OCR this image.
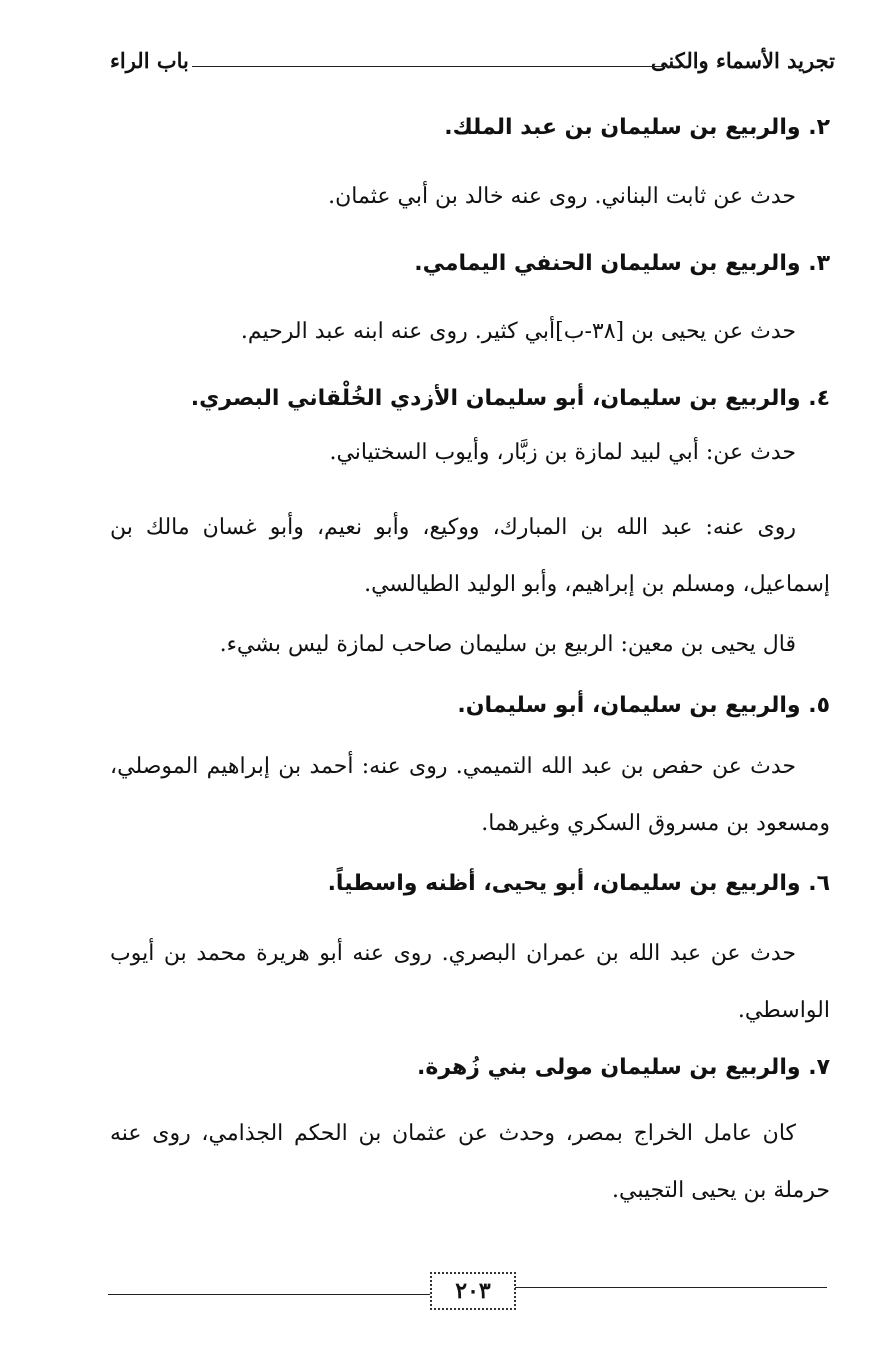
تجريد الأسماء والكنى
باب الراء
٢. والربيع بن سليمان بن عبد الملك.
حدث عن ثابت البناني. روى عنه خالد بن أبي عثمان.
٣. والربيع بن سليمان الحنفي اليمامي.
حدث عن يحيى بن [٣٨-ب]أبي كثير. روى عنه ابنه عبد الرحيم.
٤. والربيع بن سليمان، أبو سليمان الأزدي الخُلْقاني البصري.
حدث عن: أبي لبيد لمازة بن زبَّار، وأيوب السختياني.
روى عنه: عبد الله بن المبارك، ووكيع، وأبو نعيم، وأبو غسان مالك بن إسماعيل، ومسلم بن إبراهيم، وأبو الوليد الطيالسي.
قال يحيى بن معين: الربيع بن سليمان صاحب لمازة ليس بشيء.
٥. والربيع بن سليمان، أبو سليمان.
حدث عن حفص بن عبد الله التميمي. روى عنه: أحمد بن إبراهيم الموصلي، ومسعود بن مسروق السكري وغيرهما.
٦. والربيع بن سليمان، أبو يحيى، أظنه واسطياً.
حدث عن عبد الله بن عمران البصري. روى عنه أبو هريرة محمد بن أيوب الواسطي.
٧. والربيع بن سليمان مولى بني زُهرة.
كان عامل الخراج بمصر، وحدث عن عثمان بن الحكم الجذامي، روى عنه حرملة بن يحيى التجيبي.
٢٠٣
